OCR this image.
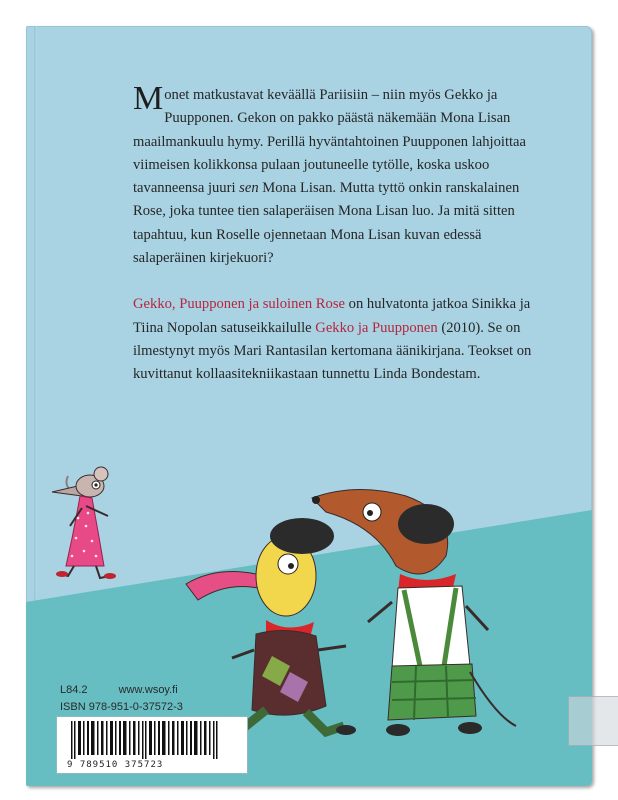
Monet matkustavat keväällä Pariisiin – niin myös Gekko ja Puupponen. Gekon on pakko päästä näkemään Mona Lisan maailmankuulu hymy. Perillä hyväntahtoinen Puupponen lahjoittaa viimeisen kolikkonsa pulaan joutuneelle tytölle, koska uskoo tavanneensa juuri sen Mona Lisan. Mutta tyttö onkin ranskalainen Rose, joka tuntee tien salaperäisen Mona Lisan luo. Ja mitä sitten tapahtuu, kun Roselle ojennetaan Mona Lisan kuvan edessä salaperäinen kirjekuori?

Gekko, Puupponen ja suloinen Rose on hulvatonta jatkoa Sinikka ja Tiina Nopolan satuseikkailulle Gekko ja Puupponen (2010). Se on ilmestynyt myös Mari Rantasilan kertomana äänikirjana. Teokset on kuvittanut kollaasitekniikastaan tunnettu Linda Bondestam.

L84.2	www.wsoy.fi
ISBN 978-951-0-37572-3
9 789510 375723
